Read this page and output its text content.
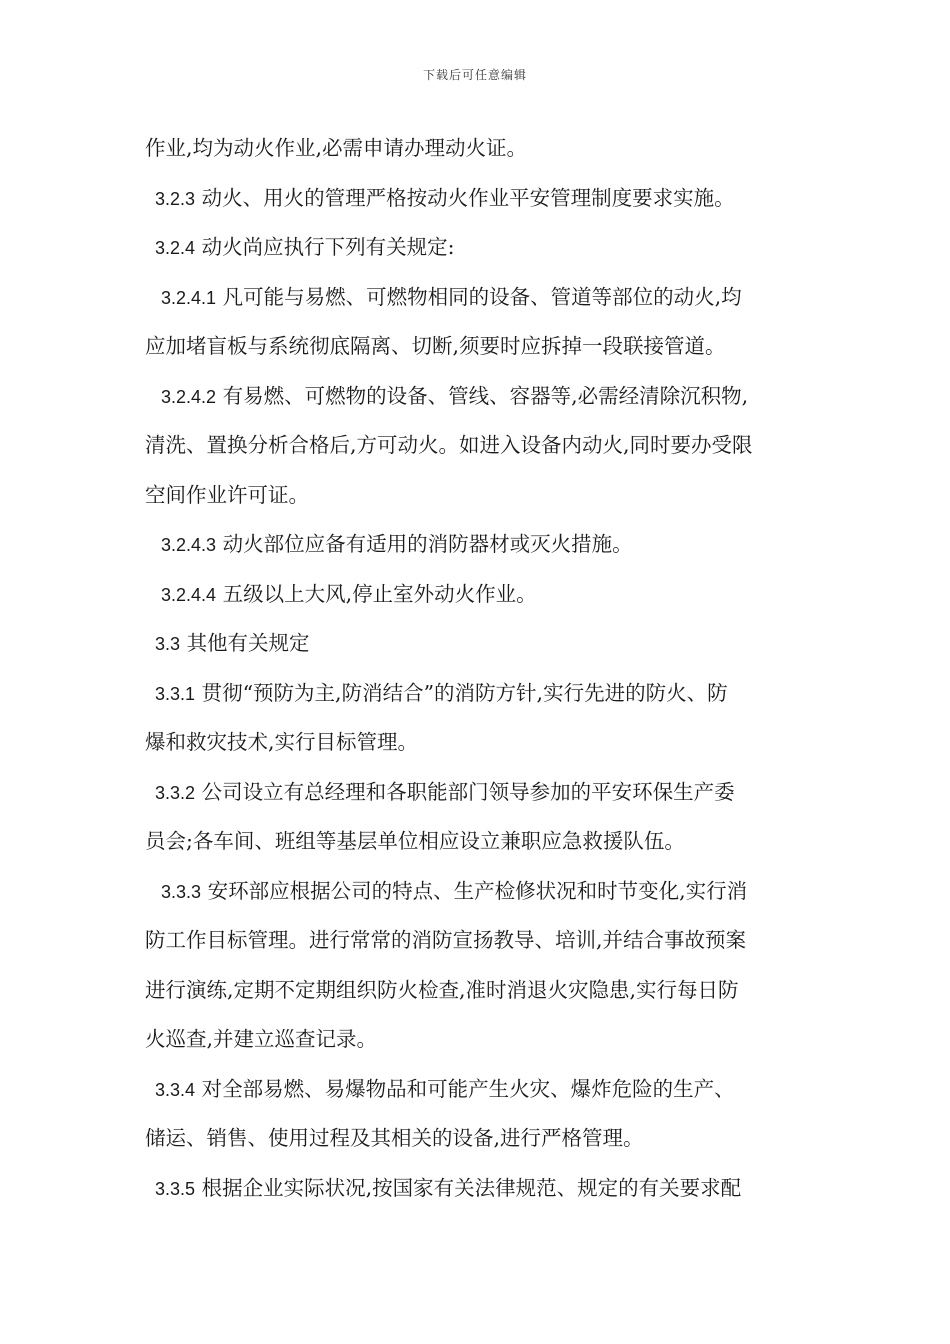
下载后可任意编辑
作业,均为动火作业,必需申请办理动火证。
3.2.3 动火、用火的管理严格按动火作业平安管理制度要求实施。
3.2.4 动火尚应执行下列有关规定:
3.2.4.1 凡可能与易燃、可燃物相同的设备、管道等部位的动火,均
应加堵盲板与系统彻底隔离、切断,须要时应拆掉一段联接管道。
3.2.4.2 有易燃、可燃物的设备、管线、容器等,必需经清除沉积物,
清洗、置换分析合格后,方可动火。如进入设备内动火,同时要办受限
空间作业许可证。
3.2.4.3 动火部位应备有适用的消防器材或灭火措施。
3.2.4.4 五级以上大风,停止室外动火作业。
3.3 其他有关规定
3.3.1 贯彻“预防为主,防消结合”的消防方针,实行先进的防火、防
爆和救灾技术,实行目标管理。
3.3.2 公司设立有总经理和各职能部门领导参加的平安环保生产委
员会;各车间、班组等基层单位相应设立兼职应急救援队伍。
3.3.3 安环部应根据公司的特点、生产检修状况和时节变化,实行消
防工作目标管理。进行常常的消防宣扬教导、培训,并结合事故预案
进行演练,定期不定期组织防火检查,准时消退火灾隐患,实行每日防
火巡查,并建立巡查记录。
3.3.4 对全部易燃、易爆物品和可能产生火灾、爆炸危险的生产、
储运、销售、使用过程及其相关的设备,进行严格管理。
3.3.5 根据企业实际状况,按国家有关法律规范、规定的有关要求配
